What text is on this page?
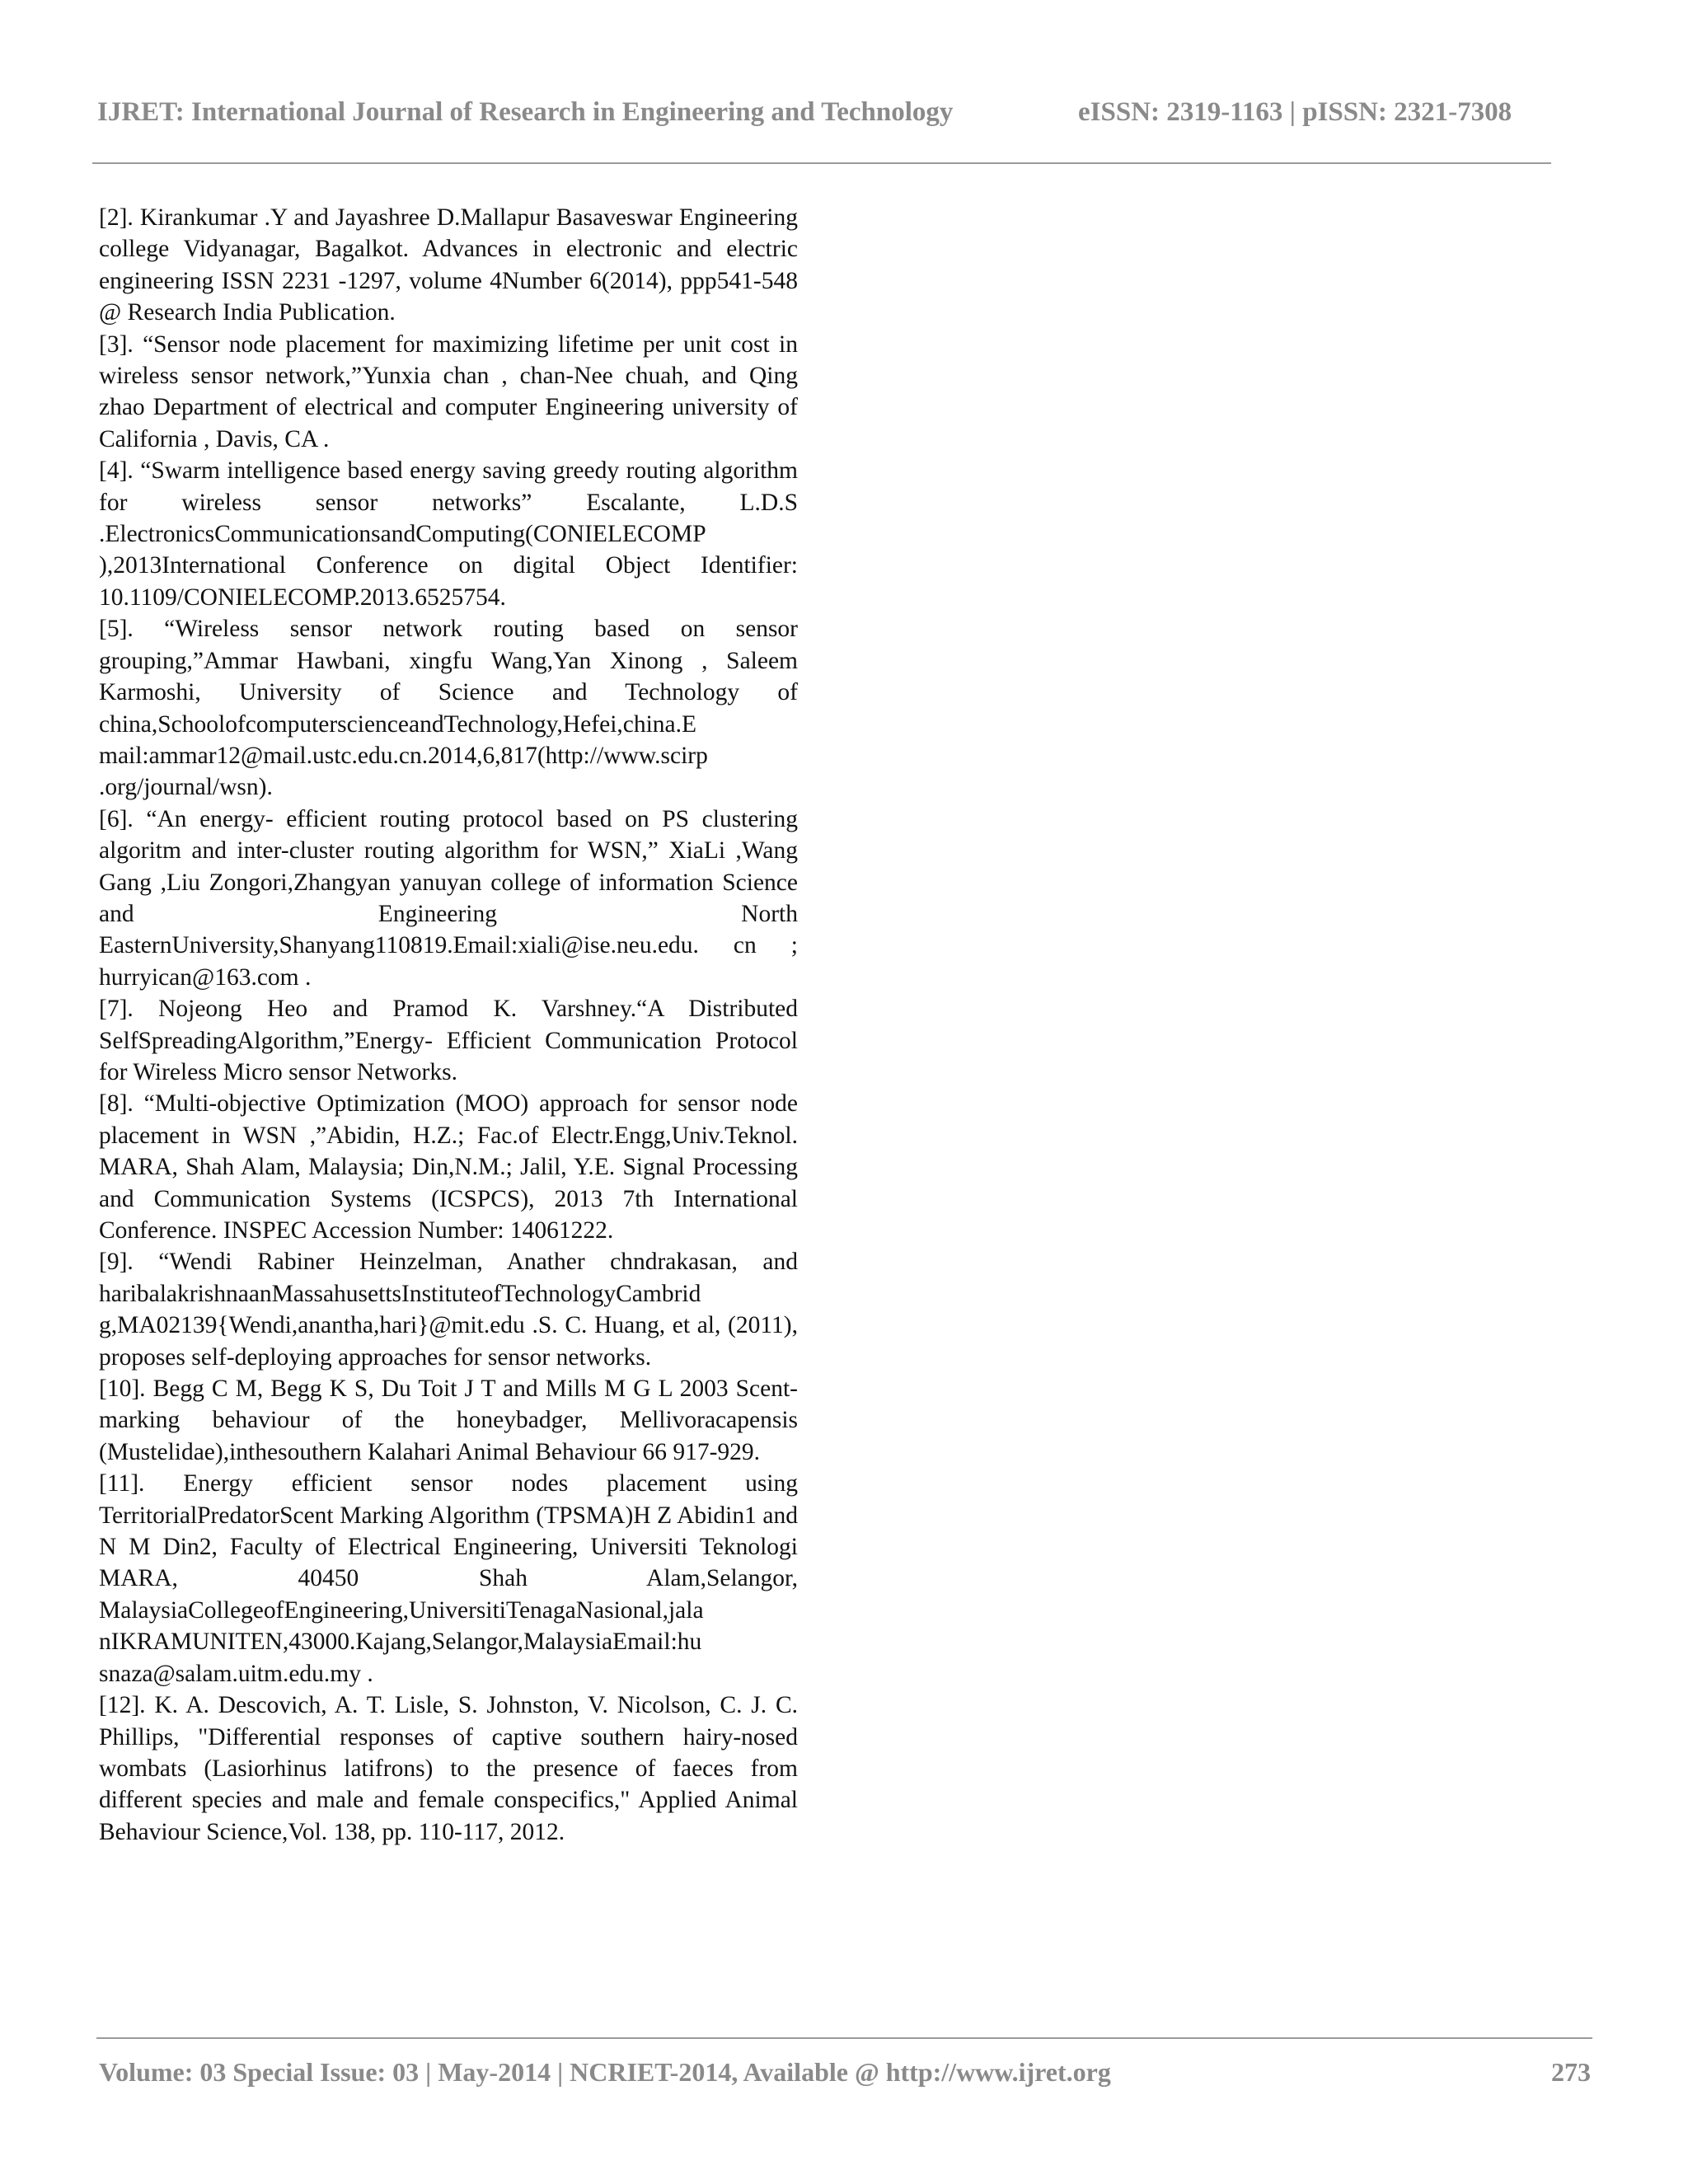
IJRET: International Journal of Research in Engineering and Technology	eISSN: 2319-1163 | pISSN: 2321-7308

[2]. Kirankumar .Y and Jayashree D.Mallapur Basaveswar Engineering college Vidyanagar, Bagalkot. Advances in electronic and electric engineering ISSN 2231 -1297, volume 4Number 6(2014), ppp541-548 @ Research India Publication.

[3]. “Sensor node placement for maximizing lifetime per unit cost in wireless sensor network,”Yunxia chan , chan-Nee chuah, and Qing zhao Department of electrical and computer Engineering university of California , Davis, CA .

[4]. “Swarm intelligence based energy saving greedy routing algorithm for wireless sensor networks” Escalante, L.D.S .ElectronicsCommunicationsandComputing(CONIELECOMP ),2013International Conference on digital Object Identifier: 10.1109/CONIELECOMP.2013.6525754.

[5]. “Wireless sensor network routing based on sensor grouping,”Ammar Hawbani, xingfu Wang,Yan Xinong , Saleem Karmoshi, University of Science and Technology of china,SchoolofcomputerscienceandTechnology,Hefei,china.E mail:ammar12@mail.ustc.edu.cn.2014,6,817(http://www.scirp .org/journal/wsn).

[6]. “An energy- efficient routing protocol based on PS clustering algoritm and inter-cluster routing algorithm for WSN,” XiaLi ,Wang Gang ,Liu Zongori,Zhangyan yanuyan college of information Science and Engineering North EasternUniversity,Shanyang110819.Email:xiali@ise.neu.edu. cn ; hurryican@163.com .

[7]. Nojeong Heo and Pramod K. Varshney.“A Distributed SelfSpreadingAlgorithm,”Energy- Efficient Communication Protocol for Wireless Micro sensor Networks.

[8]. “Multi-objective Optimization (MOO) approach for sensor node placement in WSN ,”Abidin, H.Z.; Fac.of Electr.Engg,Univ.Teknol. MARA, Shah Alam, Malaysia; Din,N.M.; Jalil, Y.E. Signal Processing and Communication Systems (ICSPCS), 2013 7th International Conference. INSPEC Accession Number: 14061222.

[9]. “Wendi Rabiner Heinzelman, Anather chndrakasan, and haribalakrishnaanMassahusettsInstituteofTechnologyCambrid g,MA02139{Wendi,anantha,hari}@mit.edu .S. C. Huang, et al, (2011), proposes self-deploying approaches for sensor networks.

[10]. Begg C M, Begg K S, Du Toit J T and Mills M G L 2003 Scent-marking behaviour of the honeybadger, Mellivoracapensis (Mustelidae),inthesouthern Kalahari Animal Behaviour 66 917-929.

[11]. Energy efficient sensor nodes placement using TerritorialPredatorScent Marking Algorithm (TPSMA)H Z Abidin1 and N M Din2, Faculty of Electrical Engineering, Universiti Teknologi MARA, 40450 Shah Alam,Selangor, MalaysiaCollegeofEngineering,UniversitiTenagaNasional,jala nIKRAMUNITEN,43000.Kajang,Selangor,MalaysiaEmail:hu snaza@salam.uitm.edu.my .

[12]. K. A. Descovich, A. T. Lisle, S. Johnston, V. Nicolson, C. J. C. Phillips, "Differential responses of captive southern hairy-nosed wombats (Lasiorhinus latifrons) to the presence of faeces from different species and male and female conspecifics," Applied Animal Behaviour Science,Vol. 138, pp. 110-117, 2012.

Volume: 03 Special Issue: 03 | May-2014 | NCRIET-2014, Available @ http://www.ijret.org	273
